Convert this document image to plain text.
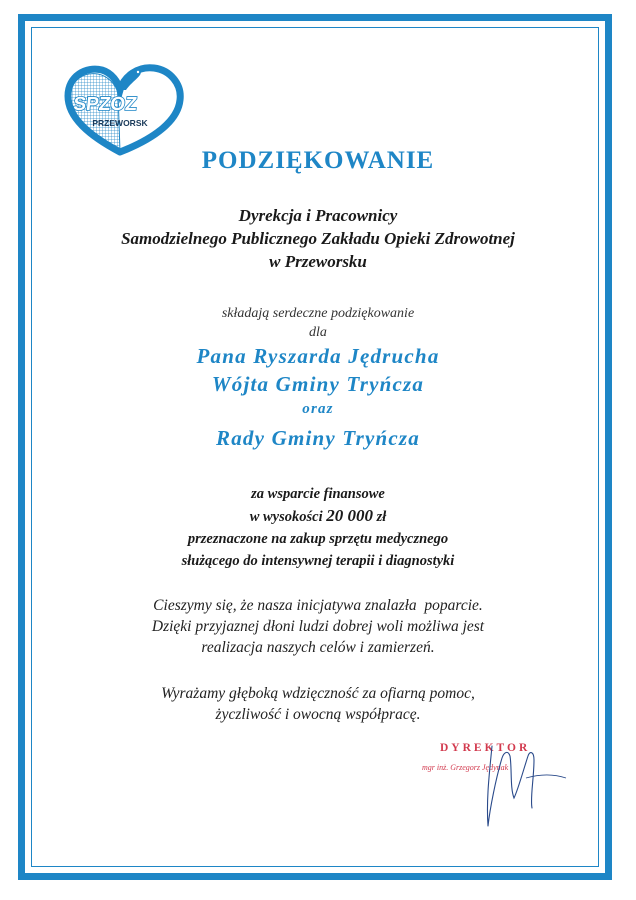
SPZOZ
PRZEWORSK
PODZIĘKOWANIE
Dyrekcja i Pracownicy
Samodzielnego Publicznego Zakładu Opieki Zdrowotnej
w Przeworsku
składają serdeczne podziękowanie
dla
Pana Ryszarda Jędrucha
Wójta Gminy Tryńcza
oraz
Rady Gminy Tryńcza
za wsparcie finansowe
w wysokości 20 000 zł
przeznaczone na zakup sprzętu medycznego
służącego do intensywnej terapii i diagnostyki
Cieszymy się, że nasza inicjatywa znalazła  poparcie.
Dzięki przyjaznej dłoni ludzi dobrej woli możliwa jest
realizacja naszych celów i zamierzeń.
Wyrażamy głęboką wdzięczność za ofiarną pomoc,
życzliwość i owocną współpracę.
DYREKTOR
mgr inż. Grzegorz Jędynak
